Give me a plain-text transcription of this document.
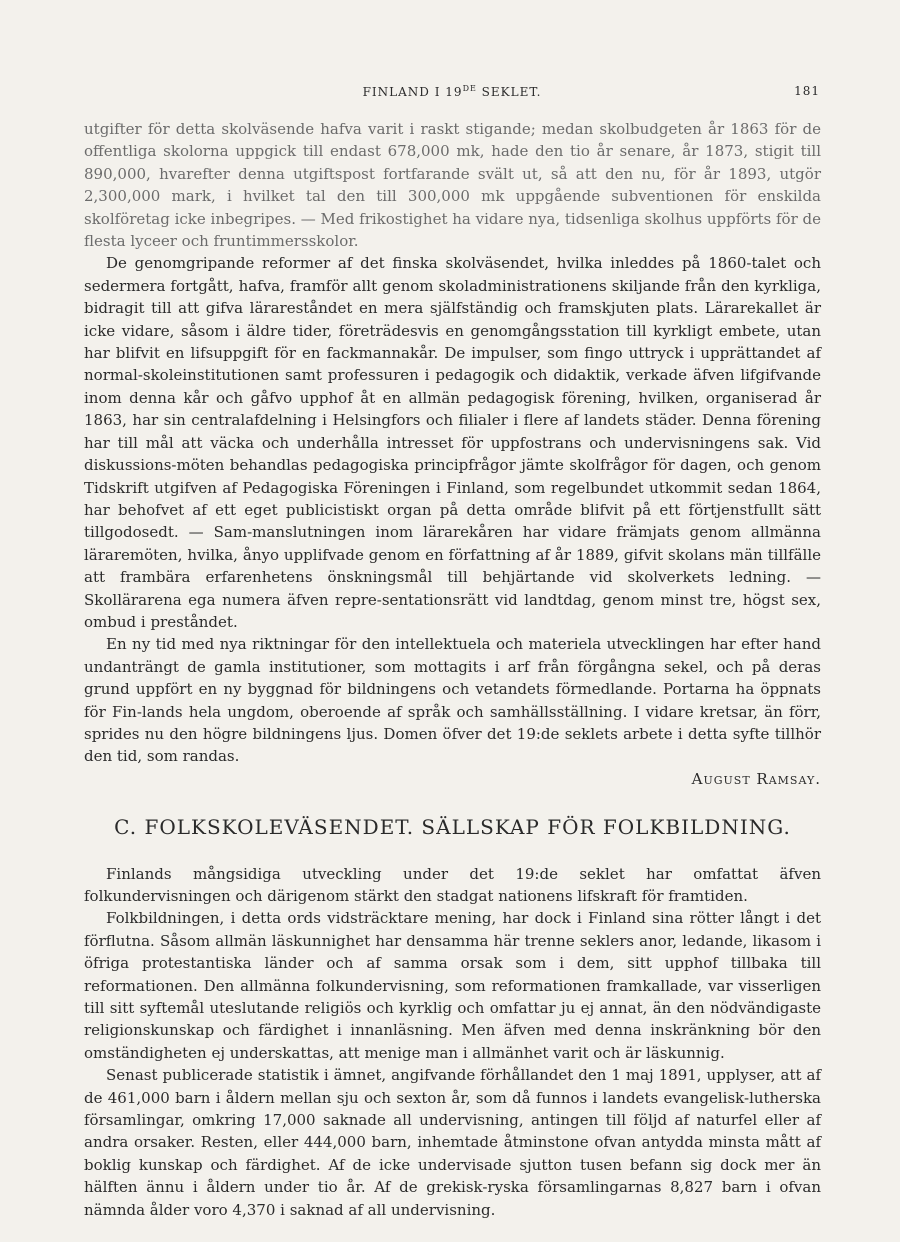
FINLAND I 19DE SEKLET.	181

utgifter för detta skolväsende hafva varit i raskt stigande; medan skolbudgeten år 1863 för de offentliga skolorna uppgick till endast 678,000 mk, hade den tio år senare, år 1873, stigit till 890,000, hvarefter denna utgiftspost fortfarande svält ut, så att den nu, för år 1893, utgör 2,300,000 mark, i hvilket tal den till 300,000 mk uppgående subventionen för enskilda skolföretag icke inbegripes. — Med frikostighet ha vidare nya, tidsenliga skolhus uppförts för de flesta lyceer och fruntimmersskolor.

De genomgripande reformer af det finska skolväsendet, hvilka inleddes på 1860-talet och sedermera fortgått, hafva, framför allt genom skoladministrationens skiljande från den kyrkliga, bidragit till att gifva lärareståndet en mera själfständig och framskjuten plats. Lärarekallet är icke vidare, såsom i äldre tider, företrädesvis en genomgångsstation till kyrkligt embete, utan har blifvit en lifsuppgift för en fackmannakår. De impulser, som fingo uttryck i upprättandet af normal-skoleinstitutionen samt professuren i pedagogik och didaktik, verkade äfven lifgifvande inom denna kår och gåfvo upphof åt en allmän pedagogisk förening, hvilken, organiserad år 1863, har sin centralafdelning i Helsingfors och filialer i flere af landets städer. Denna förening har till mål att väcka och underhålla intresset för uppfostrans och undervisningens sak. Vid diskussions-möten behandlas pedagogiska principfrågor jämte skolfrågor för dagen, och genom Tidskrift utgifven af Pedagogiska Föreningen i Finland, som regelbundet utkommit sedan 1864, har behofvet af ett eget publicistiskt organ på detta område blifvit på ett förtjenstfullt sätt tillgodosedt. — Sam-manslutningen inom lärarekåren har vidare främjats genom allmänna läraremöten, hvilka, ånyo upplifvade genom en författning af år 1889, gifvit skolans män tillfälle att frambära erfarenhetens önskningsmål till behjärtande vid skolverkets ledning. — Skollärarena ega numera äfven repre-sentationsrätt vid landtdag, genom minst tre, högst sex, ombud i preståndet.

En ny tid med nya riktningar för den intellektuela och materiela utvecklingen har efter hand undanträngt de gamla institutioner, som mottagits i arf från förgångna sekel, och på deras grund uppfört en ny byggnad för bildningens och vetandets förmedlande. Portarna ha öppnats för Fin-lands hela ungdom, oberoende af språk och samhällsställning. I vidare kretsar, än förr, sprides nu den högre bildningens ljus. Domen öfver det 19:de seklets arbete i detta syfte tillhör den tid, som randas.

August Ramsay.

C. FOLKSKOLEVÄSENDET. SÄLLSKAP FÖR FOLKBILDNING.

Finlands mångsidiga utveckling under det 19:de seklet har omfattat äfven folkundervisningen och därigenom stärkt den stadgat nationens lifskraft för framtiden.

Folkbildningen, i detta ords vidsträcktare mening, har dock i Finland sina rötter långt i det förflutna. Såsom allmän läskunnighet har densamma här trenne seklers anor, ledande, likasom i öfriga protestantiska länder och af samma orsak som i dem, sitt upphof tillbaka till reformationen. Den allmänna folkundervisning, som reformationen framkallade, var visserligen till sitt syftemål uteslutande religiös och kyrklig och omfattar ju ej annat, än den nödvändigaste religionskunskap och färdighet i innanläsning. Men äfven med denna inskränkning bör den omständigheten ej underskattas, att menige man i allmänhet varit och är läskunnig.

Senast publicerade statistik i ämnet, angifvande förhållandet den 1 maj 1891, upplyser, att af de 461,000 barn i åldern mellan sju och sexton år, som då funnos i landets evangelisk-lutherska församlingar, omkring 17,000 saknade all undervisning, antingen till följd af naturfel eller af andra orsaker. Resten, eller 444,000 barn, inhemtade åtminstone ofvan antydda minsta mått af boklig kunskap och färdighet. Af de icke undervisade sjutton tusen befann sig dock mer än hälften ännu i åldern under tio år. Af de grekisk-ryska församlingarnas 8,827 barn i ofvan nämnda ålder voro 4,370 i saknad af all undervisning.
